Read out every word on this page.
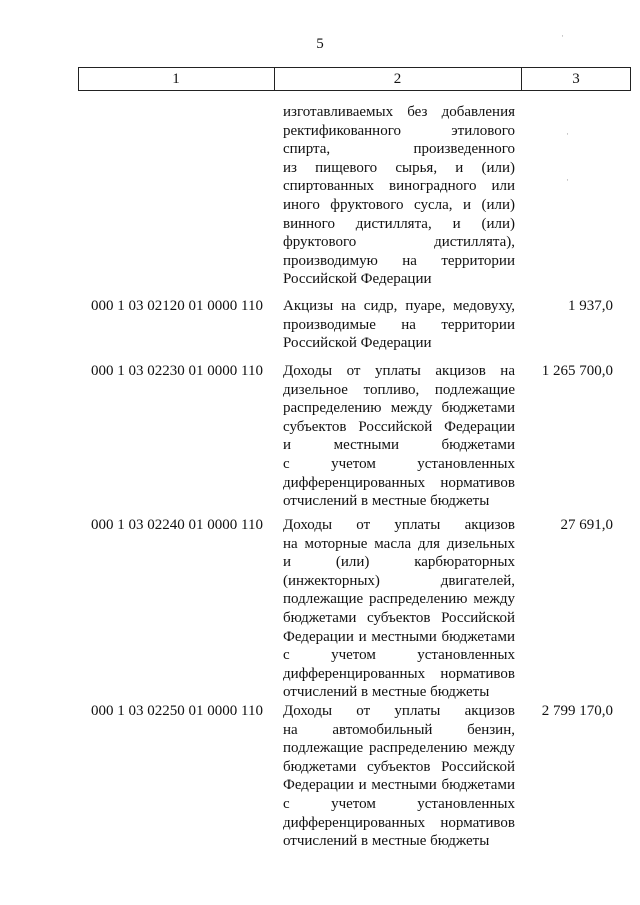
5
1	2	3
·
·
·
изготавливаемых без добавления
ректификованного этилового
спирта, произведенного
из пищевого сырья, и (или)
спиртованных виноградного или
иного фруктового сусла, и (или)
винного дистиллята, и (или)
фруктового дистиллята),
производимую на территории
Российской Федерации
000 1 03 02120 01 0000 110 Акцизы на сидр, пуаре, медовуху,
производимые на территории
Российской Федерации
1 937,0
000 1 03 02230 01 0000 110 Доходы от уплаты акцизов на
дизельное топливо, подлежащие
распределению между бюджетами
субъектов Российской Федерации
и местными бюджетами
с учетом установленных
дифференцированных нормативов
отчислений в местные бюджеты
1 265 700,0
000 1 03 02240 01 0000 110 Доходы от уплаты акцизов
на моторные масла для дизельных
и (или) карбюраторных
(инжекторных) двигателей,
подлежащие распределению между
бюджетами субъектов Российской
Федерации и местными бюджетами
с учетом установленных
дифференцированных нормативов
отчислений в местные бюджеты
27 691,0
000 1 03 02250 01 0000 110 Доходы от уплаты акцизов
на автомобильный бензин,
подлежащие распределению между
бюджетами субъектов Российской
Федерации и местными бюджетами
с учетом установленных
дифференцированных нормативов
отчислений в местные бюджеты
2 799 170,0
